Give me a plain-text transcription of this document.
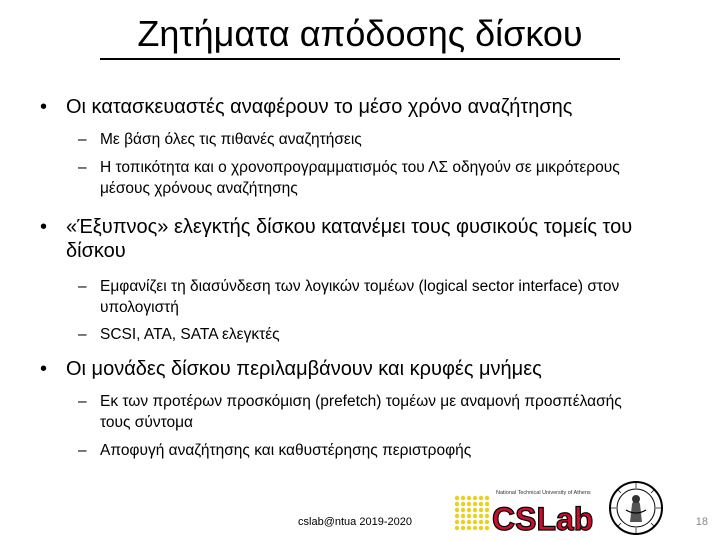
Ζητήματα απόδοσης δίσκου
• Οι κατασκευαστές αναφέρουν το μέσο χρόνο αναζήτησης
– Με βάση όλες τις πιθανές αναζητήσεις
– Η τοπικότητα και ο χρονοπρογραμματισμός του ΛΣ οδηγούν σε μικρότερους μέσους χρόνους αναζήτησης
• «Έξυπνος» ελεγκτής δίσκου κατανέμει τους φυσικούς τομείς του δίσκου
– Εμφανίζει τη διασύνδεση των λογικών τομέων (logical sector interface) στον υπολογιστή
– SCSI, ATA, SATA ελεγκτές
• Οι μονάδες δίσκου περιλαμβάνουν και κρυφές μνήμες
– Εκ των προτέρων προσκόμιση (prefetch) τομέων με αναμονή προσπέλασής τους σύντομα
– Αποφυγή αναζήτησης και καθυστέρησης περιστροφής
cslab@ntua 2019-2020
National Technical University of Athens
CSLab	18
